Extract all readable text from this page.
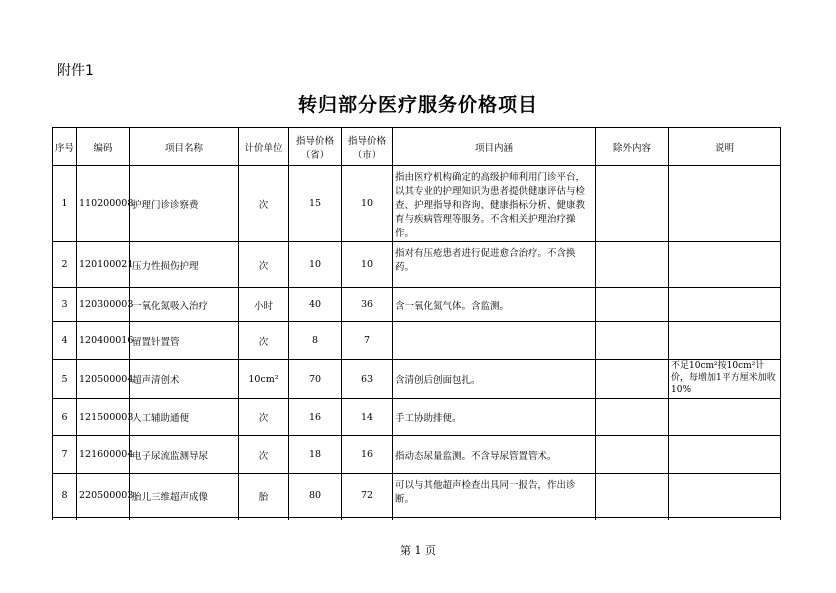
附件1
转归部分医疗服务价格项目
序号	编码	项目名称	计价单位	指导价格（省）	指导价格（市）	项目内涵	除外内容	说明
1	110200008	护理门诊诊察费	次	15	10	指由医疗机构确定的高级护师利用门诊平台，以其专业的护理知识为患者提供健康评估与检查、护理指导和咨询、健康指标分析、健康教育与疾病管理等服务。不含相关护理治疗操作。		
2	120100021	压力性损伤护理	次	10	10	指对有压疮患者进行促进愈合治疗。不含换药。		
3	120300003	一氧化氮吸入治疗	小时	40	36	含一氧化氮气体。含监测。		
4	120400016	留置针置管	次	8	7			
5	120500004	超声清创术	10cm²	70	63	含清创后创面包扎。		不足10cm²按10cm²计价，每增加1平方厘米加收10%
6	121500003	人工辅助通便	次	16	14	手工协助排便。		
7	121600004	电子尿流监测导尿	次	18	16	指动态尿量监测。不含导尿管置管术。		
8	220500003	胎儿三维超声成像	胎	80	72	可以与其他超声检查出具同一报告，作出诊断。		

第 1 页
